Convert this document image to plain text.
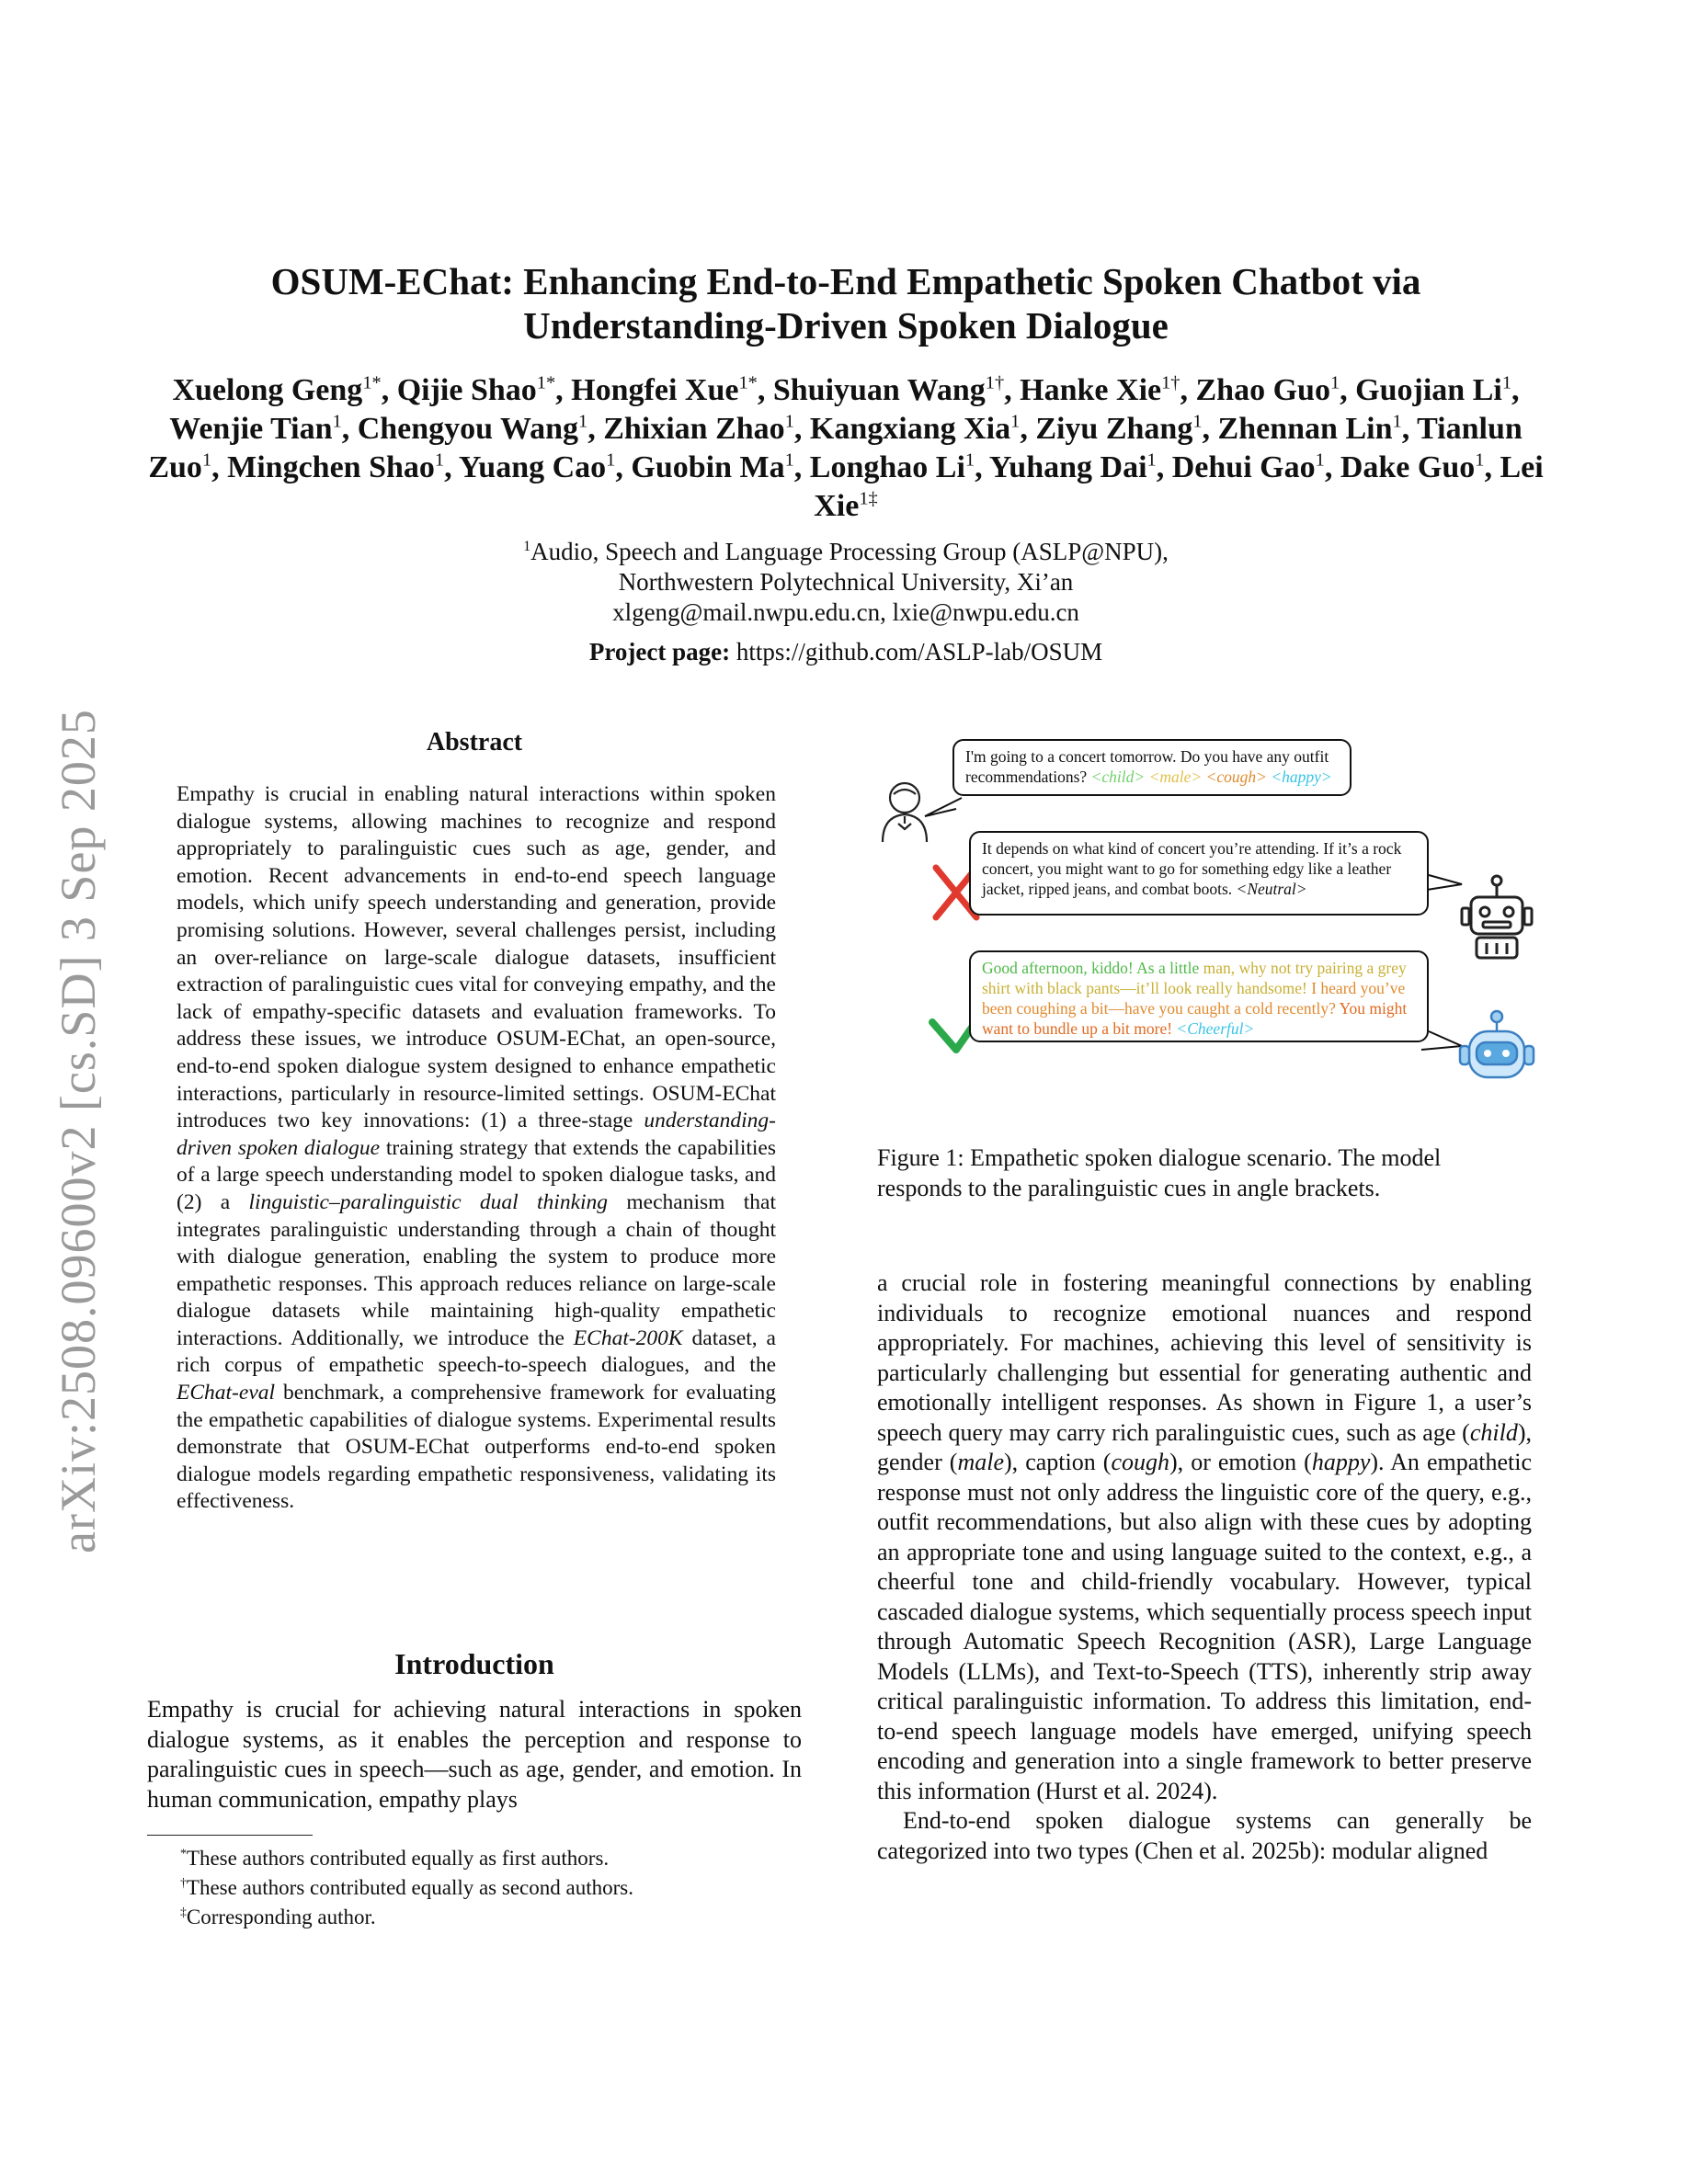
arXiv:2508.09600v2 [cs.SD] 3 Sep 2025
OSUM-EChat: Enhancing End-to-End Empathetic Spoken Chatbot via
Understanding-Driven Spoken Dialogue
Xuelong Geng$^{1*}$, Qijie Shao$^{1*}$, Hongfei Xue$^{1*}$, Shuiyuan Wang$^{1\dagger}$, Hanke Xie$^{1\dagger}$, Zhao Guo$^1$, Guojian Li$^1$, Wenjie Tian$^1$, Chengyou Wang$^1$, Zhixian Zhao$^1$, Kangxiang Xia$^1$, Ziyu Zhang$^1$, Zhennan Lin$^1$, Tianlun Zuo$^1$, Mingchen Shao$^1$, Yuang Cao$^1$, Guobin Ma$^1$, Longhao Li$^1$, Yuhang Dai$^1$, Dehui Gao$^1$, Dake Guo$^1$, Lei Xie$^{1\ddagger}$
$^1$Audio, Speech and Language Processing Group (ASLP@NPU),
Northwestern Polytechnical University, Xi’an
xlgeng@mail.nwpu.edu.cn, lxie@nwpu.edu.cn
Project page: https://github.com/ASLP-lab/OSUM
Abstract
Empathy is crucial in enabling natural interactions within spoken dialogue systems, allowing machines to recognize and respond appropriately to paralinguistic cues such as age, gender, and emotion. Recent advancements in end-to-end speech language models, which unify speech understanding and generation, provide promising solutions. However, several challenges persist, including an over-reliance on large-scale dialogue datasets, insufficient extraction of paralinguistic cues vital for conveying empathy, and the lack of empathy-specific datasets and evaluation frameworks. To address these issues, we introduce OSUM-EChat, an open-source, end-to-end spoken dialogue system designed to enhance empathetic interactions, particularly in resource-limited settings. OSUM-EChat introduces two key innovations: (1) a three-stage understanding-driven spoken dialogue training strategy that extends the capabilities of a large speech understanding model to spoken dialogue tasks, and (2) a linguistic–paralinguistic dual thinking mechanism that integrates paralinguistic understanding through a chain of thought with dialogue generation, enabling the system to produce more empathetic responses. This approach reduces reliance on large-scale dialogue datasets while maintaining high-quality empathetic interactions. Additionally, we introduce the EChat-200K dataset, a rich corpus of empathetic speech-to-speech dialogues, and the EChat-eval benchmark, a comprehensive framework for evaluating the empathetic capabilities of dialogue systems. Experimental results demonstrate that OSUM-EChat outperforms end-to-end spoken dialogue models regarding empathetic responsiveness, validating its effectiveness.
Introduction
Empathy is crucial for achieving natural interactions in spoken dialogue systems, as it enables the perception and response to paralinguistic cues in speech—such as age, gender, and emotion. In human communication, empathy plays
*These authors contributed equally as first authors.
†These authors contributed equally as second authors.
‡Corresponding author.
I'm going to a concert tomorrow. Do you have any outfit recommendations? <child> <male> <cough> <happy>
It depends on what kind of concert you’re attending. If it’s a rock concert, you might want to go for something edgy like a leather jacket, ripped jeans, and combat boots. <Neutral>
Good afternoon, kiddo! As a little man, why not try pairing a grey shirt with black pants—it’ll look really handsome! I heard you’ve been coughing a bit—have you caught a cold recently? You might want to bundle up a bit more! <Cheerful>
Figure 1: Empathetic spoken dialogue scenario. The model responds to the paralinguistic cues in angle brackets.
a crucial role in fostering meaningful connections by enabling individuals to recognize emotional nuances and respond appropriately. For machines, achieving this level of sensitivity is particularly challenging but essential for generating authentic and emotionally intelligent responses. As shown in Figure 1, a user’s speech query may carry rich paralinguistic cues, such as age (child), gender (male), caption (cough), or emotion (happy). An empathetic response must not only address the linguistic core of the query, e.g., outfit recommendations, but also align with these cues by adopting an appropriate tone and using language suited to the context, e.g., a cheerful tone and child-friendly vocabulary. However, typical cascaded dialogue systems, which sequentially process speech input through Automatic Speech Recognition (ASR), Large Language Models (LLMs), and Text-to-Speech (TTS), inherently strip away critical paralinguistic information. To address this limitation, end-to-end speech language models have emerged, unifying speech encoding and generation into a single framework to better preserve this information (Hurst et al. 2024).
End-to-end spoken dialogue systems can generally be categorized into two types (Chen et al. 2025b): modular aligned
